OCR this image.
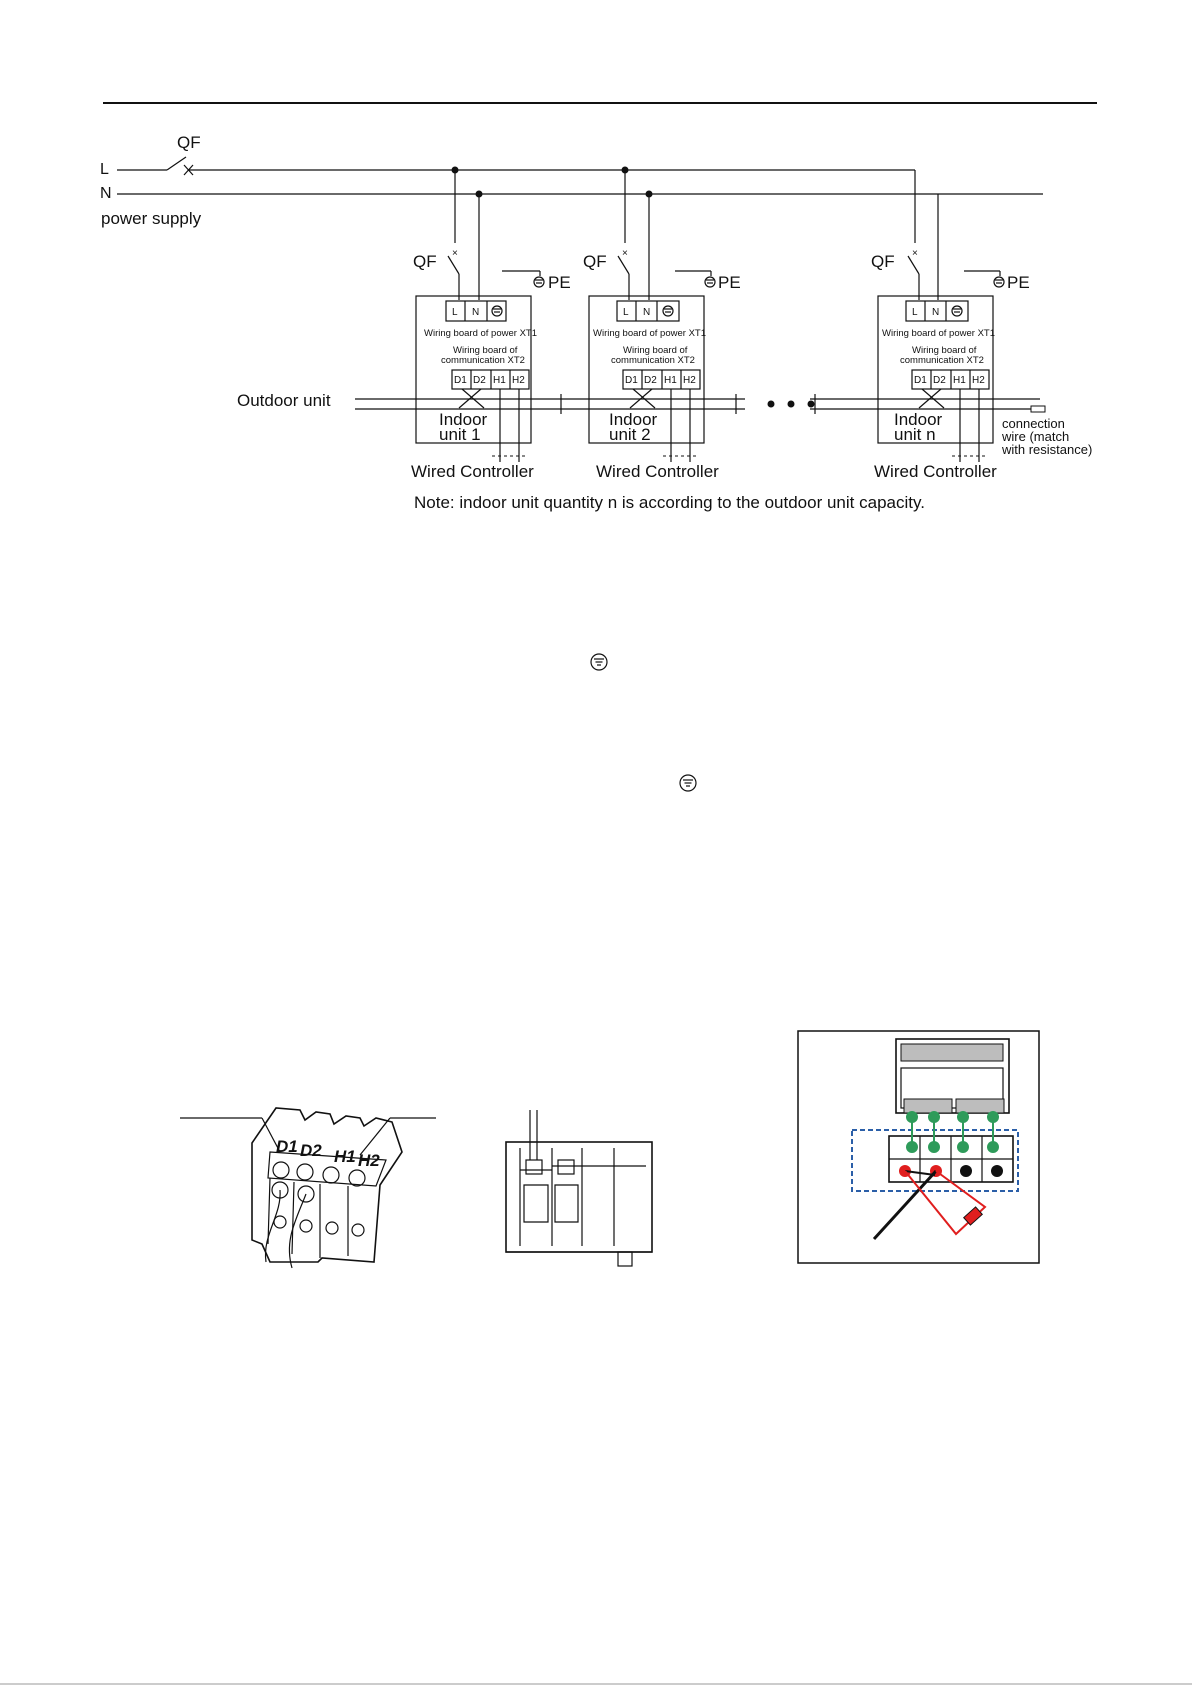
L
N
power supply
QF
QF ×
PE
L N
Wiring board of power XT1
Wiring board of
communication XT2
D1 D2 H1 H2
Indoor
unit 1
Wired Controller
QF ×
PE
L N
Wiring board of power XT1
Wiring board of
communication XT2
D1 D2 H1 H2
Indoor
unit 2
Wired Controller
QF ×
PE
L N
Wiring board of power XT1
Wiring board of
communication XT2
D1 D2 H1 H2
Indoor
unit n
Wired Controller
Outdoor unit
connection
wire (match
with resistance)
Note: indoor unit quantity n is according to the outdoor unit capacity.
D1 D2 H1 H2
